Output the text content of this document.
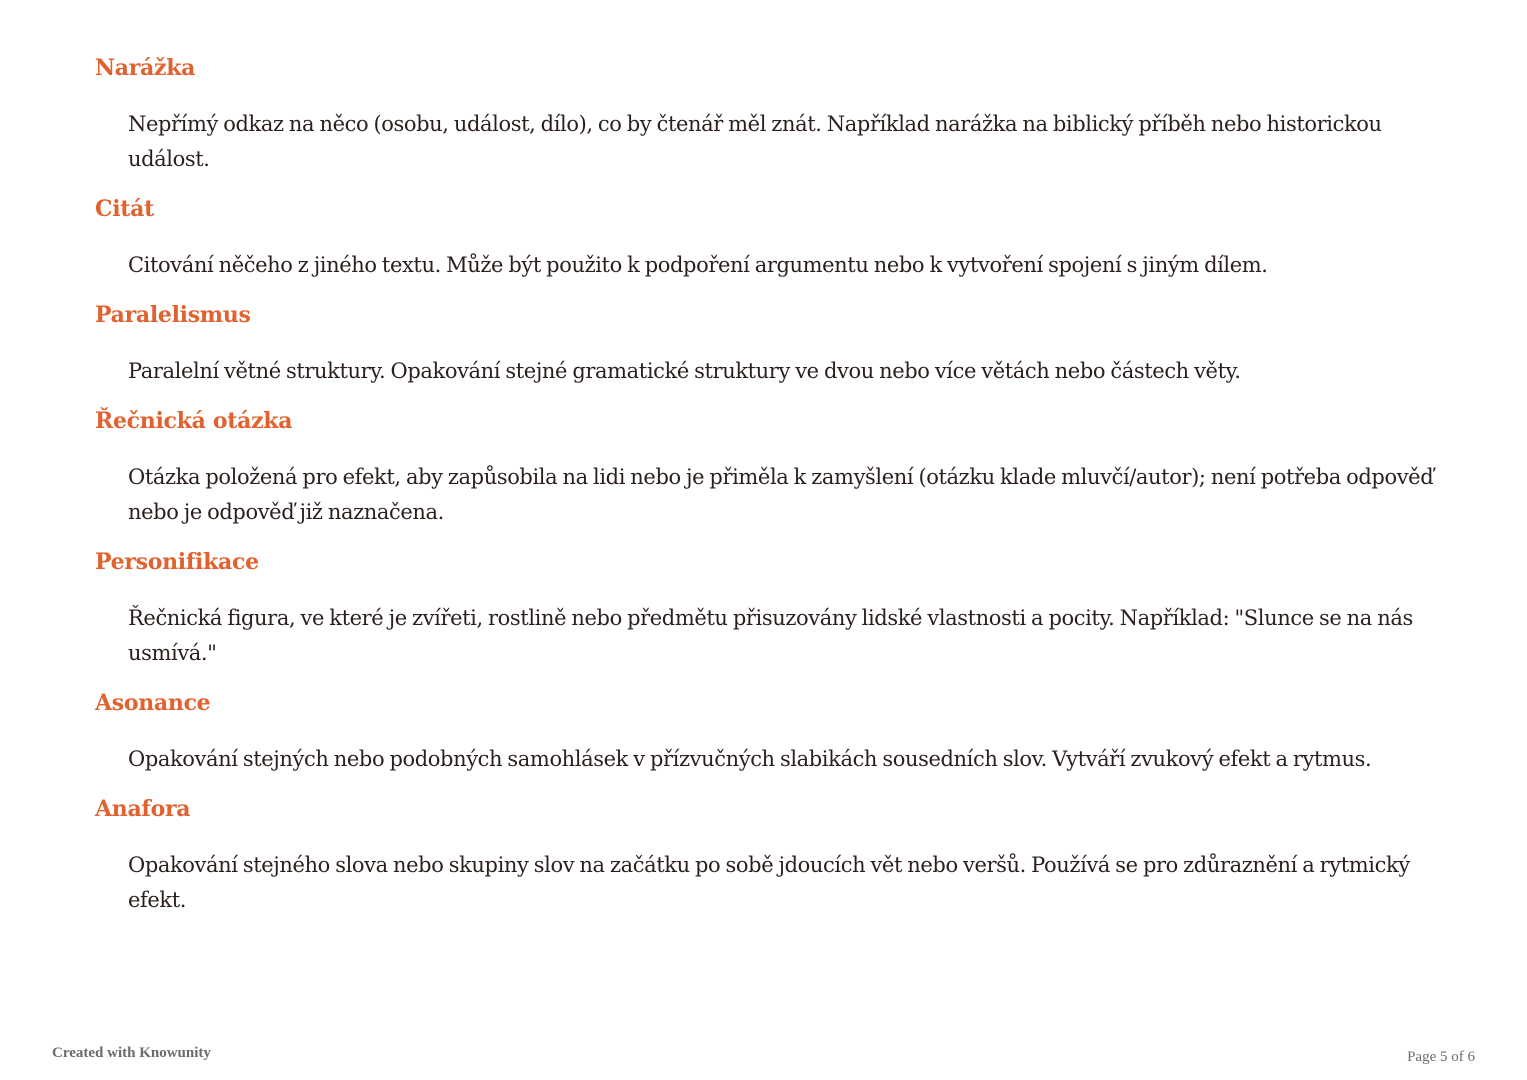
Narážka
Nepřímý odkaz na něco (osobu, událost, dílo), co by čtenář měl znát. Například narážka na biblický příběh nebo historickou událost.
Citát
Citování něčeho z jiného textu. Může být použito k podpoření argumentu nebo k vytvoření spojení s jiným dílem.
Paralelismus
Paralelní větné struktury. Opakování stejné gramatické struktury ve dvou nebo více větách nebo částech věty.
Řečnická otázka
Otázka položená pro efekt, aby zapůsobila na lidi nebo je přiměla k zamyšlení (otázku klade mluvčí/autor); není potřeba odpověď nebo je odpověď již naznačena.
Personifikace
Řečnická figura, ve které je zvířeti, rostlině nebo předmětu přisuzovány lidské vlastnosti a pocity. Například: "Slunce se na nás usmívá."
Asonance
Opakování stejných nebo podobných samohlásek v přízvučných slabikách sousedních slov. Vytváří zvukový efekt a rytmus.
Anafora
Opakování stejného slova nebo skupiny slov na začátku po sobě jdoucích vět nebo veršů. Používá se pro zdůraznění a rytmický efekt.
Created with Knowunity	Page 5 of 6
